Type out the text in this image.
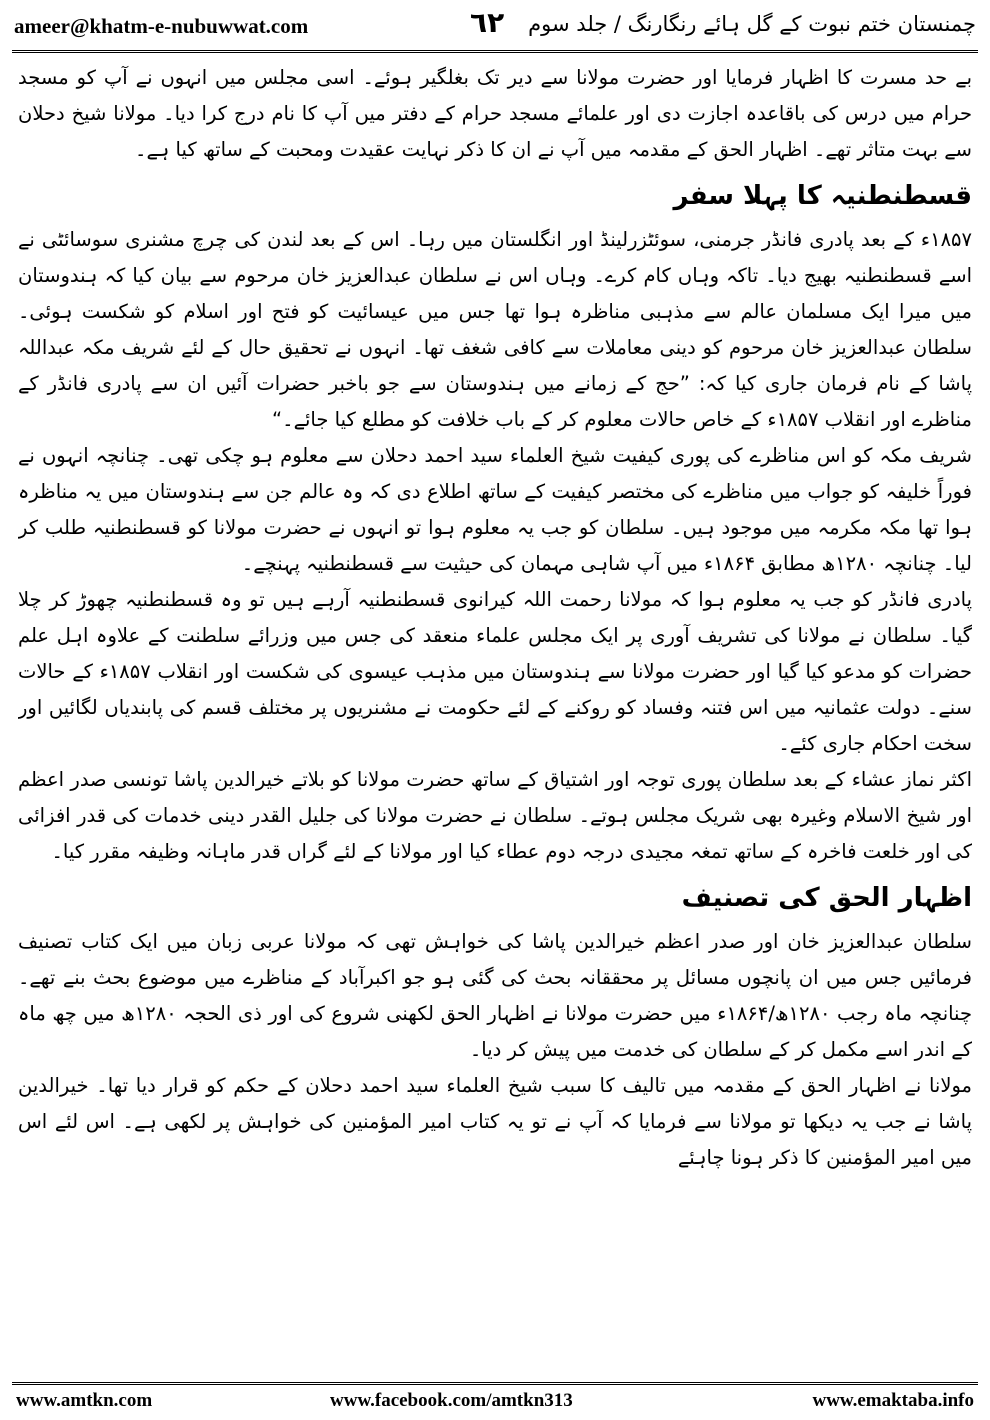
ameer@khatm-e-nubuwwat.com	٦٢ چمنستان ختم نبوت کے گل ہائے رنگارنگ / جلد سوم

بے حد مسرت کا اظہار فرمایا اور حضرت مولانا سے دیر تک بغلگیر ہوئے۔ اسی مجلس میں انہوں نے آپ کو مسجد حرام میں درس کی باقاعدہ اجازت دی اور علمائے مسجد حرام کے دفتر میں آپ کا نام درج کرا دیا۔ مولانا شیخ دحلان سے بہت متاثر تھے۔ اظہار الحق کے مقدمہ میں آپ نے ان کا ذکر نہایت عقیدت ومحبت کے ساتھ کیا ہے۔

قسطنطنیہ کا پہلا سفر

۱۸۵۷ء کے بعد پادری فانڈر جرمنی، سوئٹزرلینڈ اور انگلستان میں رہا۔ اس کے بعد لندن کی چرچ مشنری سوسائٹی نے اسے قسطنطنیہ بھیج دیا۔ تاکہ وہاں کام کرے۔ وہاں اس نے سلطان عبدالعزیز خان مرحوم سے بیان کیا کہ ہندوستان میں میرا ایک مسلمان عالم سے مذہبی مناظرہ ہوا تھا جس میں عیسائیت کو فتح اور اسلام کو شکست ہوئی۔ سلطان عبدالعزیز خان مرحوم کو دینی معاملات سے کافی شغف تھا۔ انہوں نے تحقیق حال کے لئے شریف مکہ عبداللہ پاشا کے نام فرمان جاری کیا کہ: ”حج کے زمانے میں ہندوستان سے جو باخبر حضرات آئیں ان سے پادری فانڈر کے مناظرے اور انقلاب ۱۸۵۷ء کے خاص حالات معلوم کر کے باب خلافت کو مطلع کیا جائے۔“

شریف مکہ کو اس مناظرے کی پوری کیفیت شیخ العلماء سید احمد دحلان سے معلوم ہو چکی تھی۔ چنانچہ انہوں نے فوراً خلیفہ کو جواب میں مناظرے کی مختصر کیفیت کے ساتھ اطلاع دی کہ وہ عالم جن سے ہندوستان میں یہ مناظرہ ہوا تھا مکہ مکرمہ میں موجود ہیں۔ سلطان کو جب یہ معلوم ہوا تو انہوں نے حضرت مولانا کو قسطنطنیہ طلب کر لیا۔ چنانچہ ۱۲۸۰ھ مطابق ۱۸۶۴ء میں آپ شاہی مہمان کی حیثیت سے قسطنطنیہ پہنچے۔

پادری فانڈر کو جب یہ معلوم ہوا کہ مولانا رحمت اللہ کیرانوی قسطنطنیہ آرہے ہیں تو وہ قسطنطنیہ چھوڑ کر چلا گیا۔ سلطان نے مولانا کی تشریف آوری پر ایک مجلس علماء منعقد کی جس میں وزرائے سلطنت کے علاوہ اہل علم حضرات کو مدعو کیا گیا اور حضرت مولانا سے ہندوستان میں مذہب عیسوی کی شکست اور انقلاب ۱۸۵۷ء کے حالات سنے۔ دولت عثمانیہ میں اس فتنہ وفساد کو روکنے کے لئے حکومت نے مشنریوں پر مختلف قسم کی پابندیاں لگائیں اور سخت احکام جاری کئے۔

اکثر نماز عشاء کے بعد سلطان پوری توجہ اور اشتیاق کے ساتھ حضرت مولانا کو بلاتے خیرالدین پاشا تونسی صدر اعظم اور شیخ الاسلام وغیرہ بھی شریک مجلس ہوتے۔ سلطان نے حضرت مولانا کی جلیل القدر دینی خدمات کی قدر افزائی کی اور خلعت فاخرہ کے ساتھ تمغہ مجیدی درجہ دوم عطاء کیا اور مولانا کے لئے گراں قدر ماہانہ وظیفہ مقرر کیا۔

اظہار الحق کی تصنیف

سلطان عبدالعزیز خان اور صدر اعظم خیرالدین پاشا کی خواہش تھی کہ مولانا عربی زبان میں ایک کتاب تصنیف فرمائیں جس میں ان پانچوں مسائل پر محققانہ بحث کی گئی ہو جو اکبرآباد کے مناظرے میں موضوع بحث بنے تھے۔ چنانچہ ماہ رجب ۱۲۸۰ھ/۱۸۶۴ء میں حضرت مولانا نے اظہار الحق لکھنی شروع کی اور ذی الحجہ ۱۲۸۰ھ میں چھ ماہ کے اندر اسے مکمل کر کے سلطان کی خدمت میں پیش کر دیا۔

مولانا نے اظہار الحق کے مقدمہ میں تالیف کا سبب شیخ العلماء سید احمد دحلان کے حکم کو قرار دیا تھا۔ خیرالدین پاشا نے جب یہ دیکھا تو مولانا سے فرمایا کہ آپ نے تو یہ کتاب امیر المؤمنین کی خواہش پر لکھی ہے۔ اس لئے اس میں امیر المؤمنین کا ذکر ہونا چاہئے

www.amtkn.com	www.facebook.com/amtkn313	www.emaktaba.info
